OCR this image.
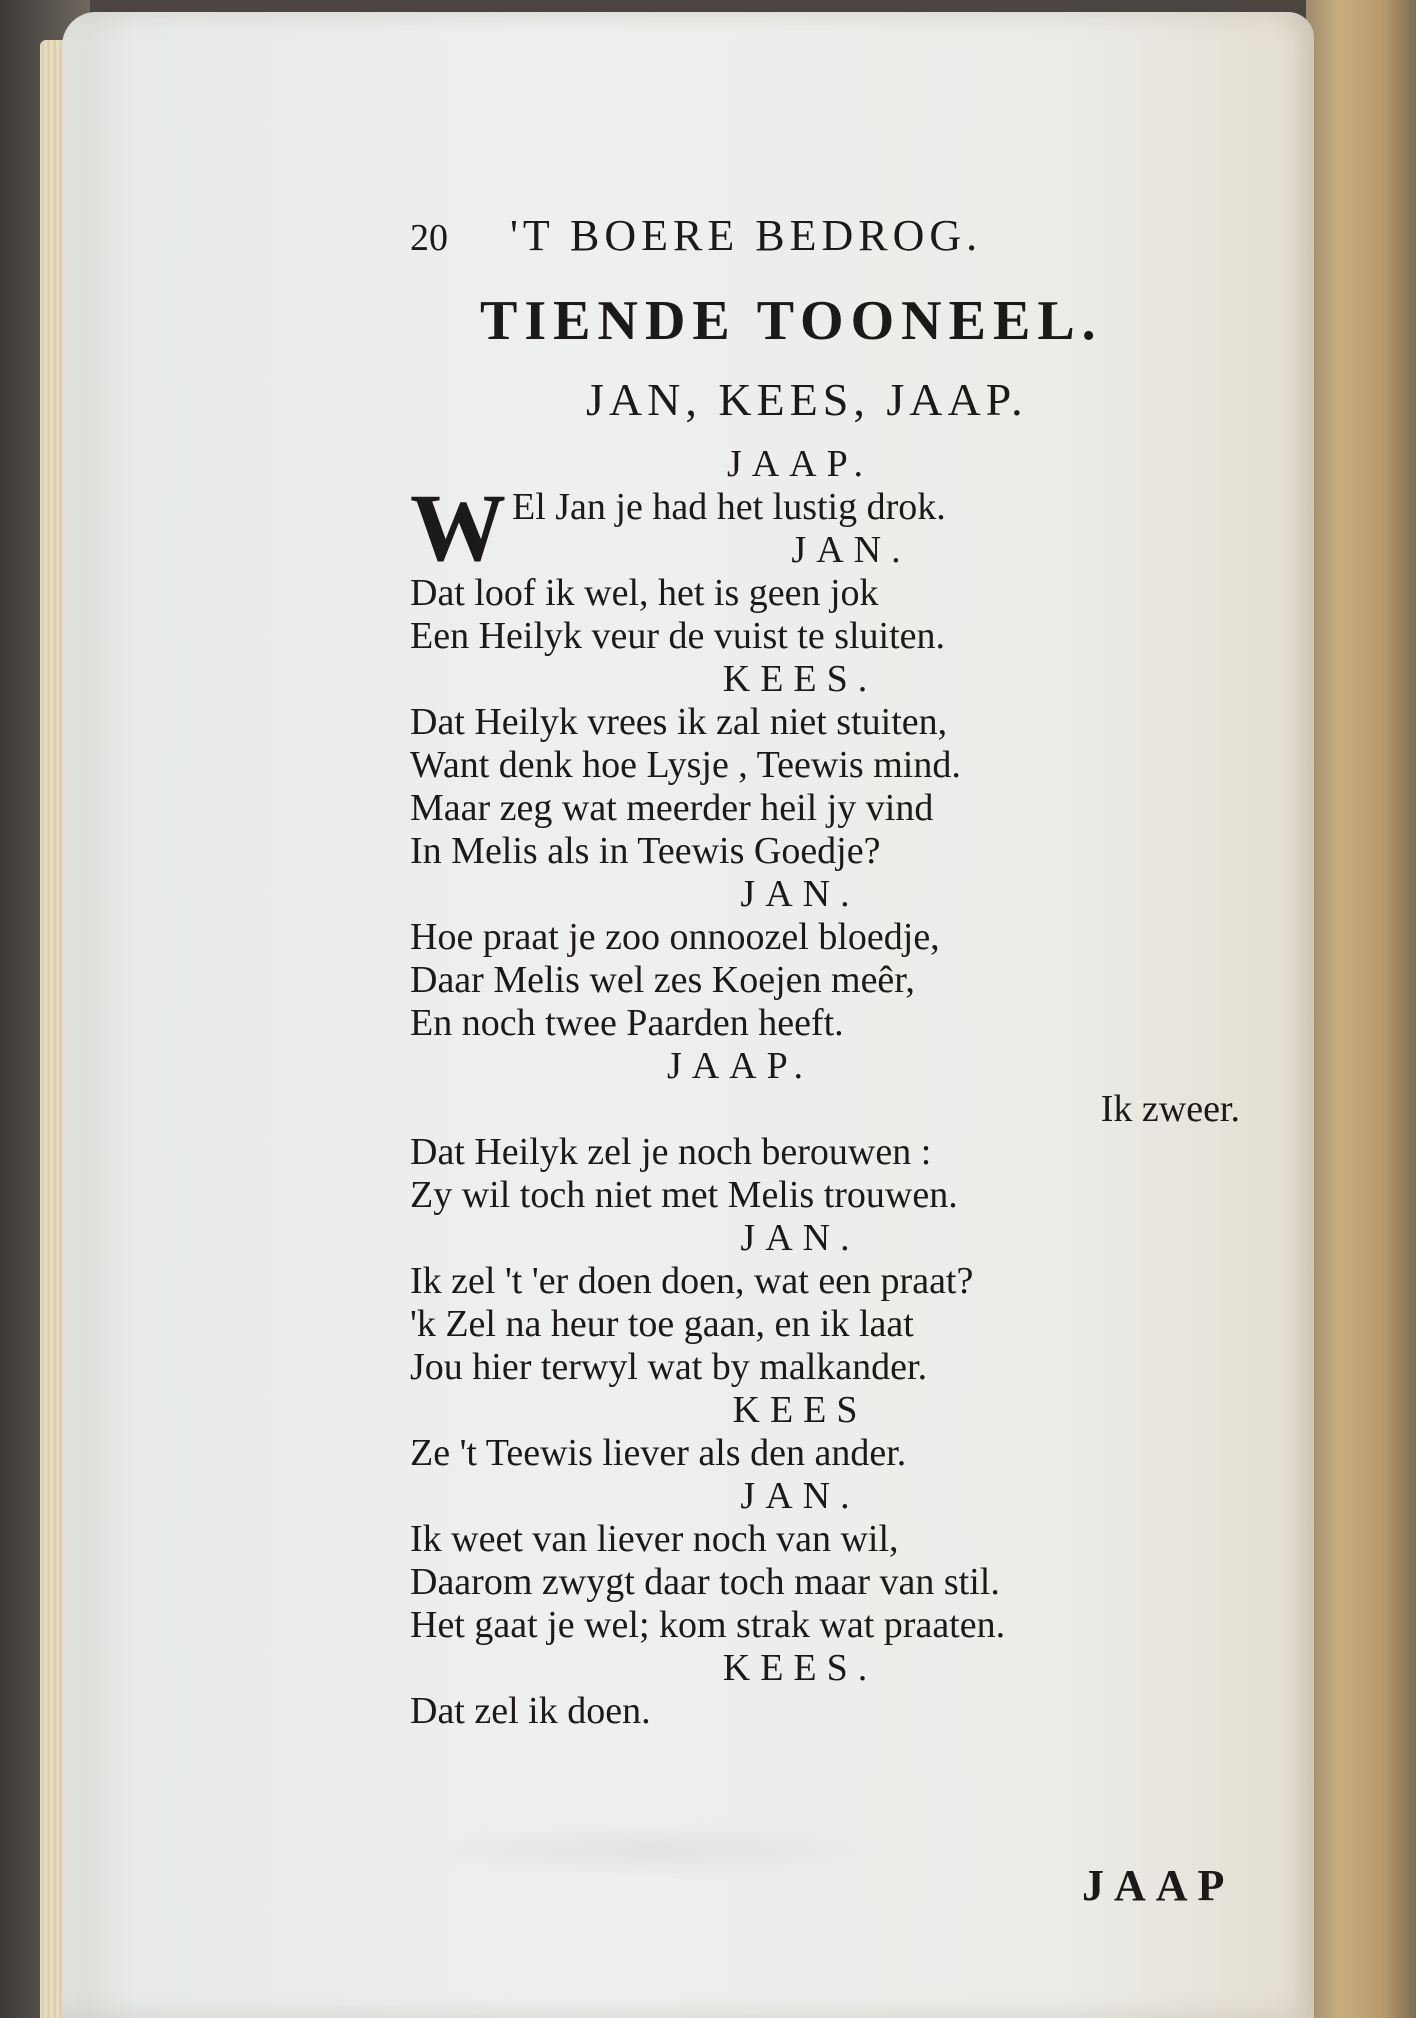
20 'T BOERE BEDROG.
TIENDE TOONEEL.
JAN, KEES, JAAP.
JAAP.
W El Jan je had het lustig drok.
JAN.
Dat loof ik wel, het is geen jok
Een Heilyk veur de vuist te sluiten.
KEES.
Dat Heilyk vrees ik zal niet stuiten,
Want denk hoe Lysje , Teewis mind.
Maar zeg wat meerder heil jy vind
In Melis als in Teewis Goedje?
JAN.
Hoe praat je zoo onnoozel bloedje,
Daar Melis wel zes Koejen meêr,
En noch twee Paarden heeft.
JAAP.
Ik zweer.
Dat Heilyk zel je noch berouwen :
Zy wil toch niet met Melis trouwen.
JAN.
Ik zel 't 'er doen doen, wat een praat?
'k Zel na heur toe gaan, en ik laat
Jou hier terwyl wat by malkander.
KEES
Ze 't Teewis liever als den ander.
JAN.
Ik weet van liever noch van wil,
Daarom zwygt daar toch maar van stil.
Het gaat je wel; kom strak wat praaten.
KEES.
Dat zel ik doen.
JAAP
